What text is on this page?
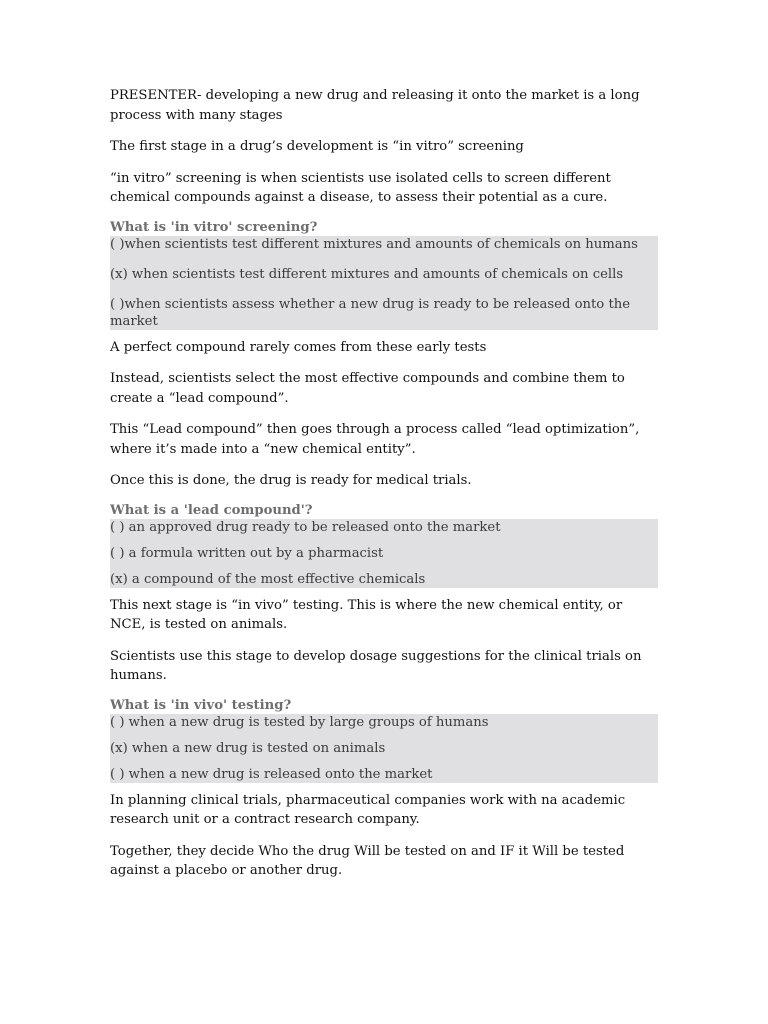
PRESENTER- developing a new drug and releasing it onto the market is a long process with many stages

The first stage in a drug’s development is “in vitro” screening

“in vitro” screening is when scientists use isolated cells to screen different chemical compounds against a disease, to assess their potential as a cure.

What is 'in vitro' screening?

( )when scientists test different mixtures and amounts of chemicals on humans

(x) when scientists test different mixtures and amounts of chemicals on cells

( )when scientists assess whether a new drug is ready to be released onto the market

A perfect compound rarely comes from these early tests

Instead, scientists select the most effective compounds and combine them to create a “lead compound”.

This “Lead compound” then goes through a process called “lead optimization”, where it’s made into a “new chemical entity”.

Once this is done, the drug is ready for medical trials.

What is a 'lead compound'?

( ) an approved drug ready to be released onto the market

( ) a formula written out by a pharmacist

(x) a compound of the most effective chemicals

This next stage is “in vivo” testing. This is where the new chemical entity, or NCE, is tested on animals.

Scientists use this stage to develop dosage suggestions for the clinical trials on humans.

What is 'in vivo' testing?

( ) when a new drug is tested by large groups of humans

(x) when a new drug is tested on animals

( ) when a new drug is released onto the market

In planning clinical trials, pharmaceutical companies work with na academic research unit or a contract research company.

Together, they decide Who the drug Will be tested on and IF it Will be tested against a placebo or another drug.
